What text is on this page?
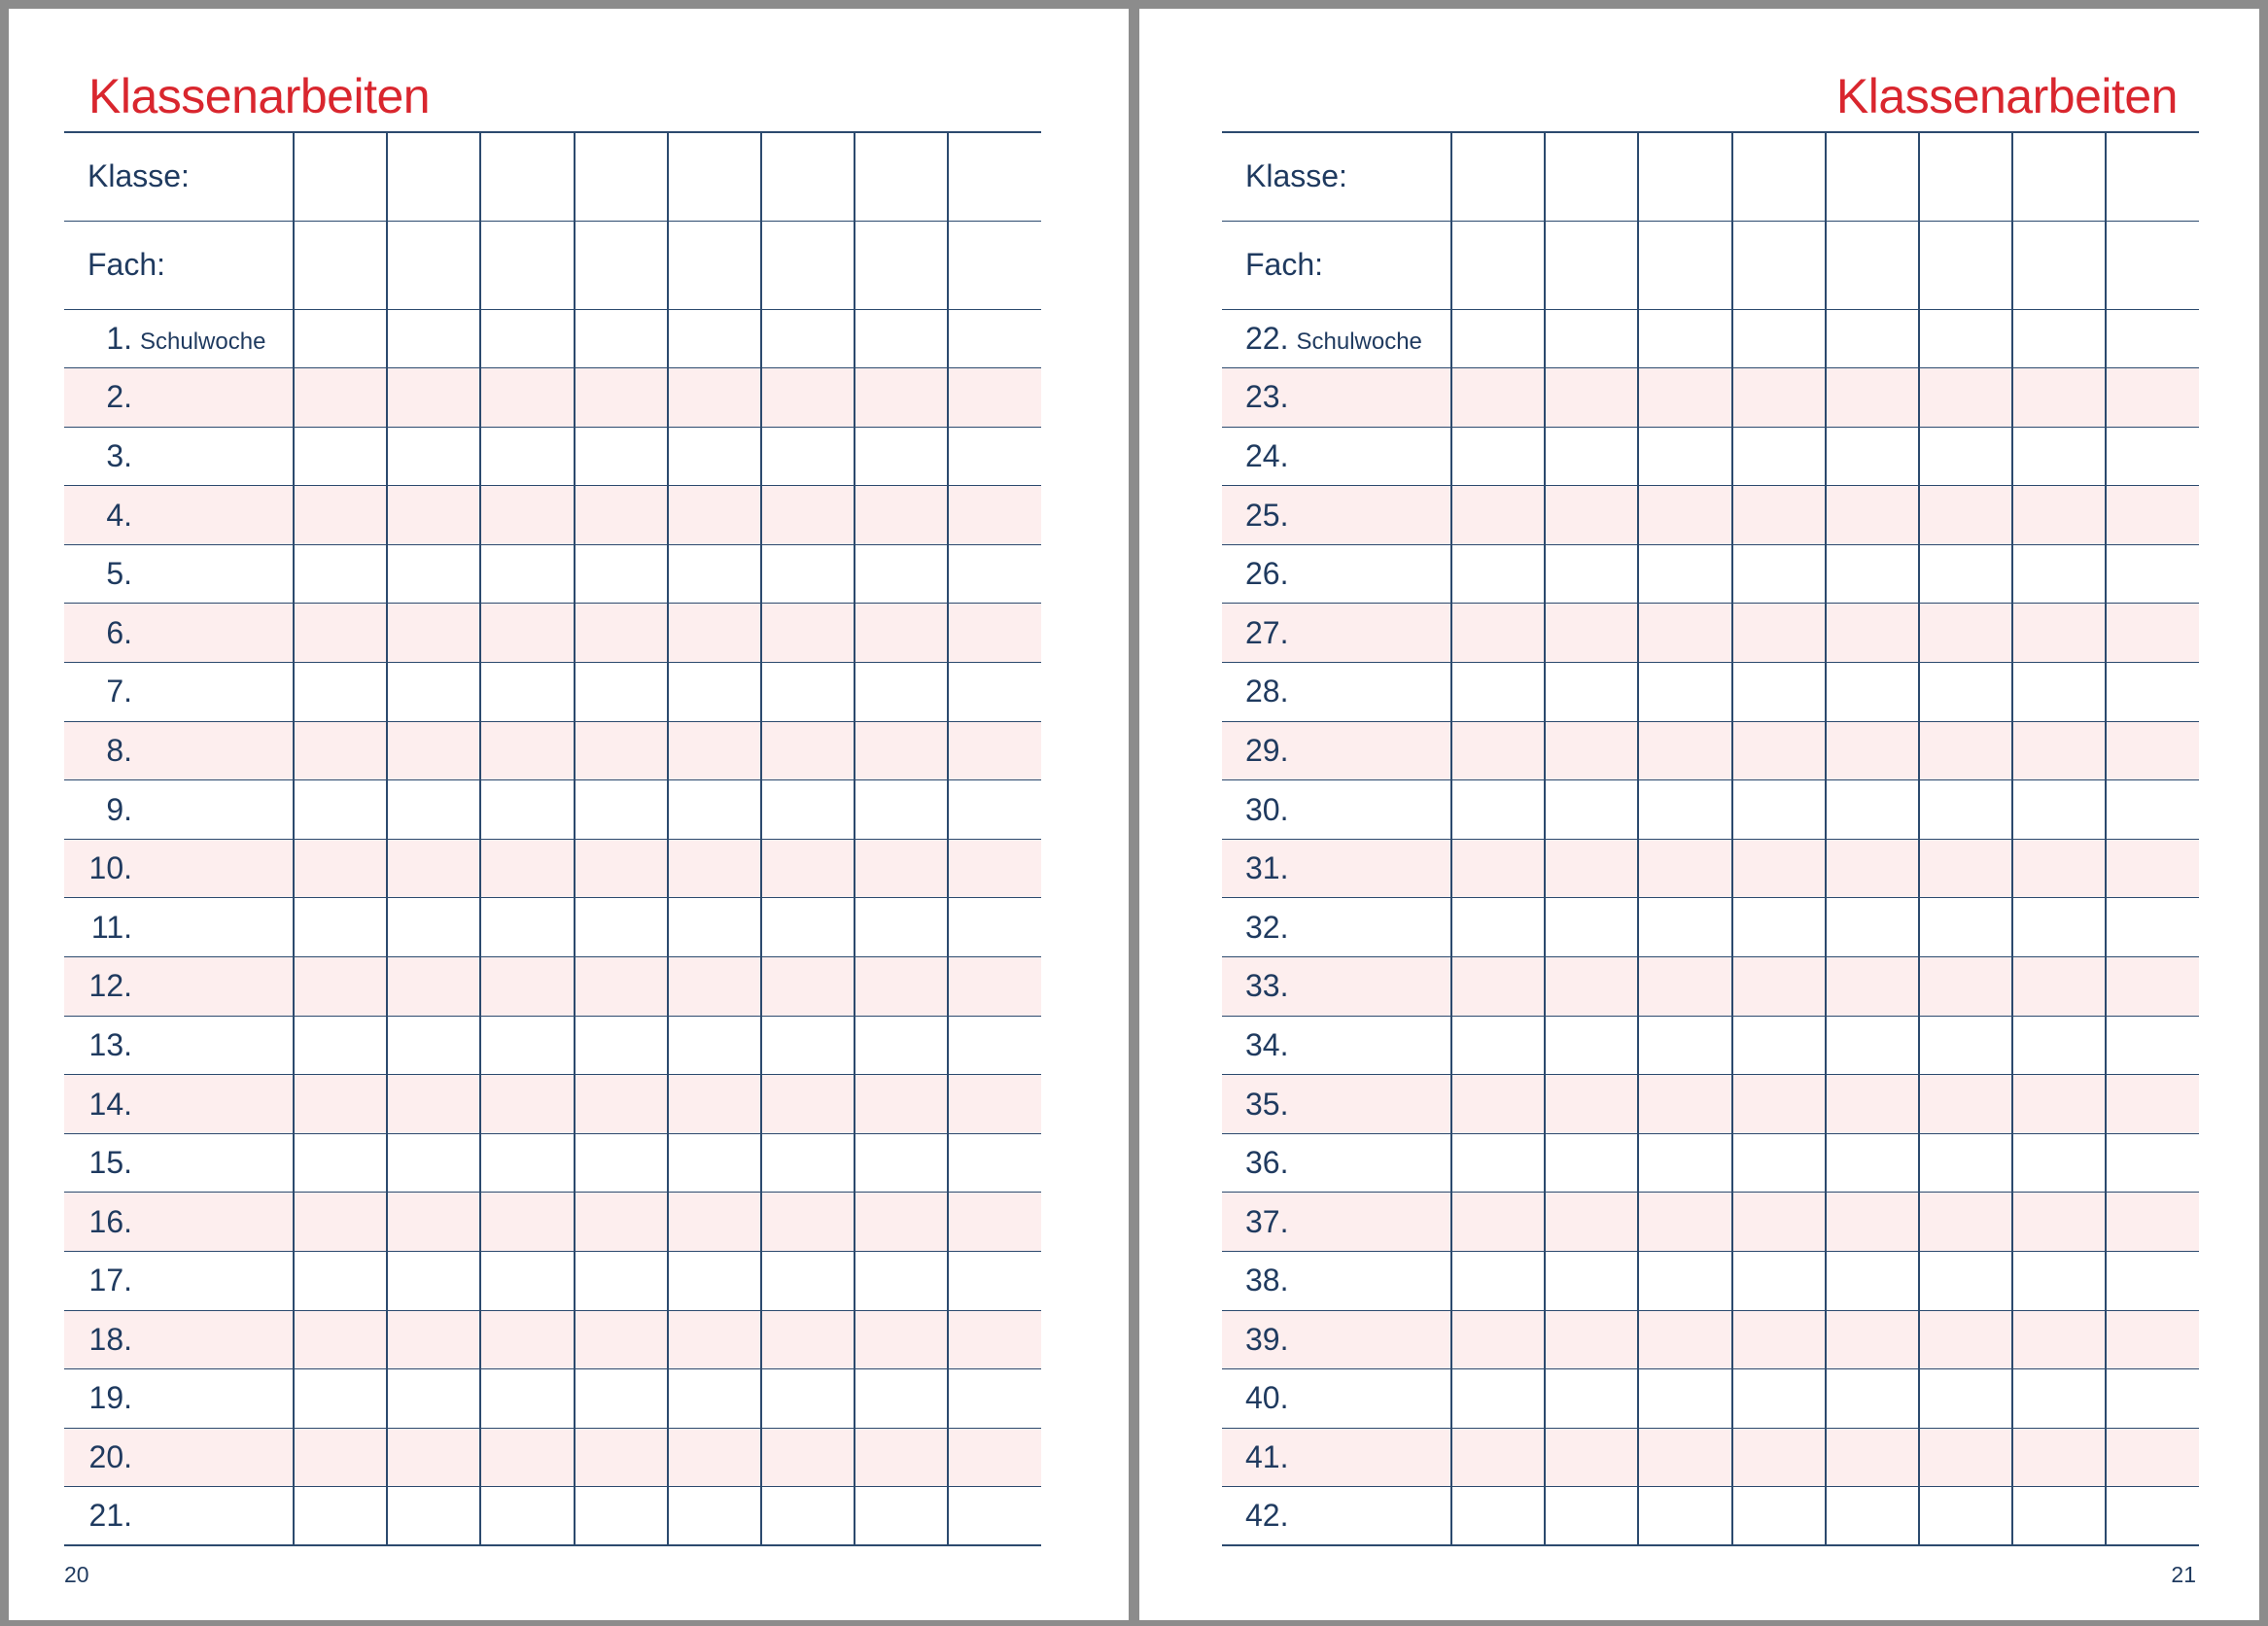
Klassenarbeiten
Klasse:								
Fach:								
1. Schulwoche								
2.								
3.								
4.								
5.								
6.								
7.								
8.								
9.								
10.								
11.								
12.								
13.								
14.								
15.								
16.								
17.								
18.								
19.								
20.								
21.								
20
Klassenarbeiten
Klasse:								
Fach:								
22. Schulwoche								
23.								
24.								
25.								
26.								
27.								
28.								
29.								
30.								
31.								
32.								
33.								
34.								
35.								
36.								
37.								
38.								
39.								
40.								
41.								
42.								
21
